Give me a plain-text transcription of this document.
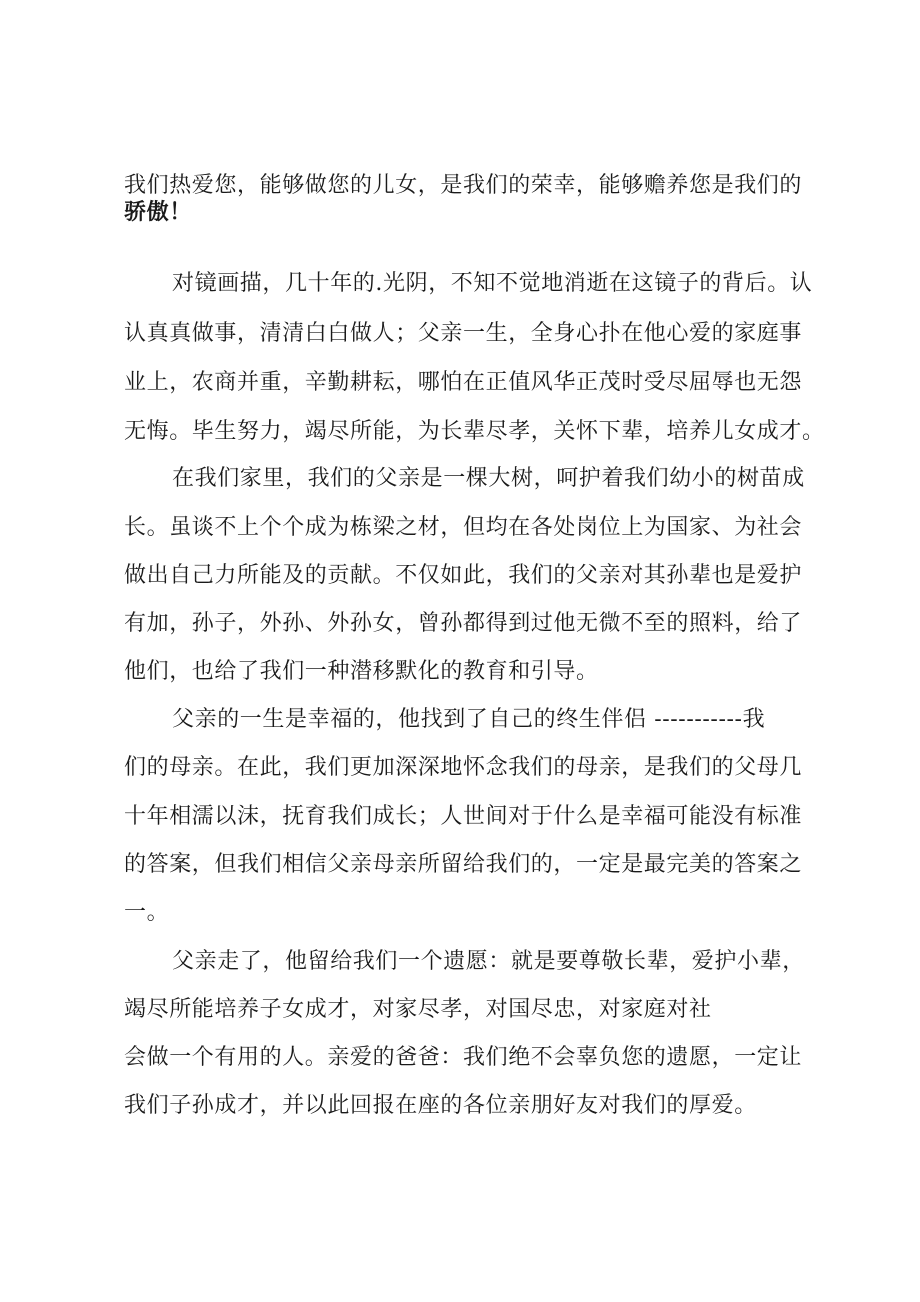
我们热爱您，能够做您的儿女，是我们的荣幸，能够赡养您是我们的
骄傲！
对镜画描，几十年的.光阴，不知不觉地消逝在这镜子的背后。认
认真真做事，清清白白做人；父亲一生，全身心扑在他心爱的家庭事
业上，农商并重，辛勤耕耘，哪怕在正值风华正茂时受尽屈辱也无怨
无悔。毕生努力，竭尽所能，为长辈尽孝，关怀下辈，培养儿女成才。
在我们家里，我们的父亲是一棵大树，呵护着我们幼小的树苗成
长。虽谈不上个个成为栋梁之材，但均在各处岗位上为国家、为社会
做出自己力所能及的贡献。不仅如此，我们的父亲对其孙辈也是爱护
有加，孙子，外孙、外孙女，曾孙都得到过他无微不至的照料，给了
他们，也给了我们一种潜移默化的教育和引导。
父亲的一生是幸福的，他找到了自己的终生伴侣 -----------我
们的母亲。在此，我们更加深深地怀念我们的母亲，是我们的父母几
十年相濡以沫，抚育我们成长；人世间对于什么是幸福可能没有标准
的答案，但我们相信父亲母亲所留给我们的，一定是最完美的答案之
一。
父亲走了，他留给我们一个遗愿：就是要尊敬长辈，爱护小辈，
竭尽所能培养子女成才，对家尽孝，对国尽忠，对家庭对社
会做一个有用的人。亲爱的爸爸：我们绝不会辜负您的遗愿，一定让
我们子孙成才，并以此回报在座的各位亲朋好友对我们的厚爱。
